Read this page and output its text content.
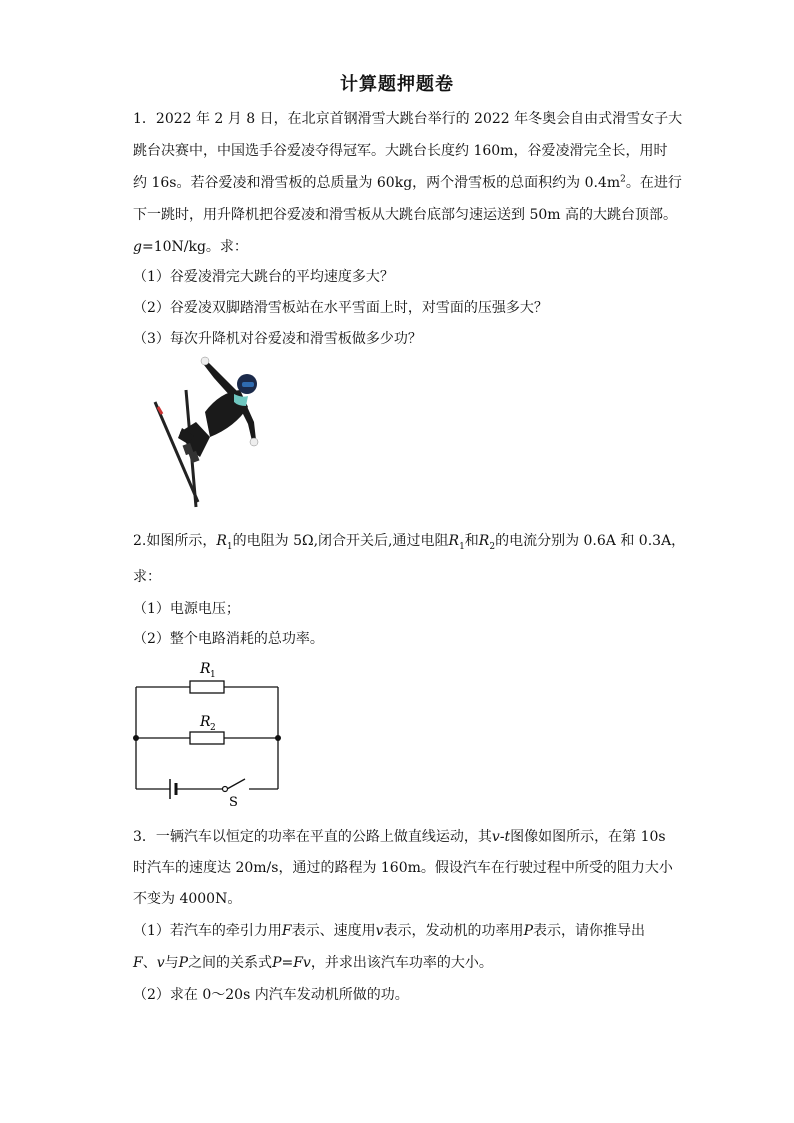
计算题押题卷
1．2022 年 2 月 8 日，在北京首钢滑雪大跳台举行的 2022 年冬奥会自由式滑雪女子大
跳台决赛中，中国选手谷爱凌夺得冠军。大跳台长度约 160m，谷爱凌滑完全长，用时
约 16s。若谷爱凌和滑雪板的总质量为 60kg，两个滑雪板的总面积约为 $0.4m^2$。在进行
下一跳时，用升降机把谷爱凌和滑雪板从大跳台底部匀速运送到 50m 高的大跳台顶部。
g=10N/kg。求：
（1）谷爱凌滑完大跳台的平均速度多大？
（2）谷爱凌双脚踏滑雪板站在水平雪面上时，对雪面的压强多大？
（3）每次升降机对谷爱凌和滑雪板做多少功？
2.如图所示，$R_1$的电阻为 5Ω,闭合开关后,通过电阻$R_1$和$R_2$的电流分别为 0.6A 和 0.3A，
求：
（1）电源电压；
（2）整个电路消耗的总功率。
R 1
R 2
S
3．一辆汽车以恒定的功率在平直的公路上做直线运动，其v-t图像如图所示，在第 10s
时汽车的速度达 20m/s，通过的路程为 160m。假设汽车在行驶过程中所受的阻力大小
不变为 4000N。
（1）若汽车的牵引力用F表示、速度用v表示，发动机的功率用P表示，请你推导出
F、v与P之间的关系式P=Fv，并求出该汽车功率的大小。
（2）求在 0～20s 内汽车发动机所做的功。
